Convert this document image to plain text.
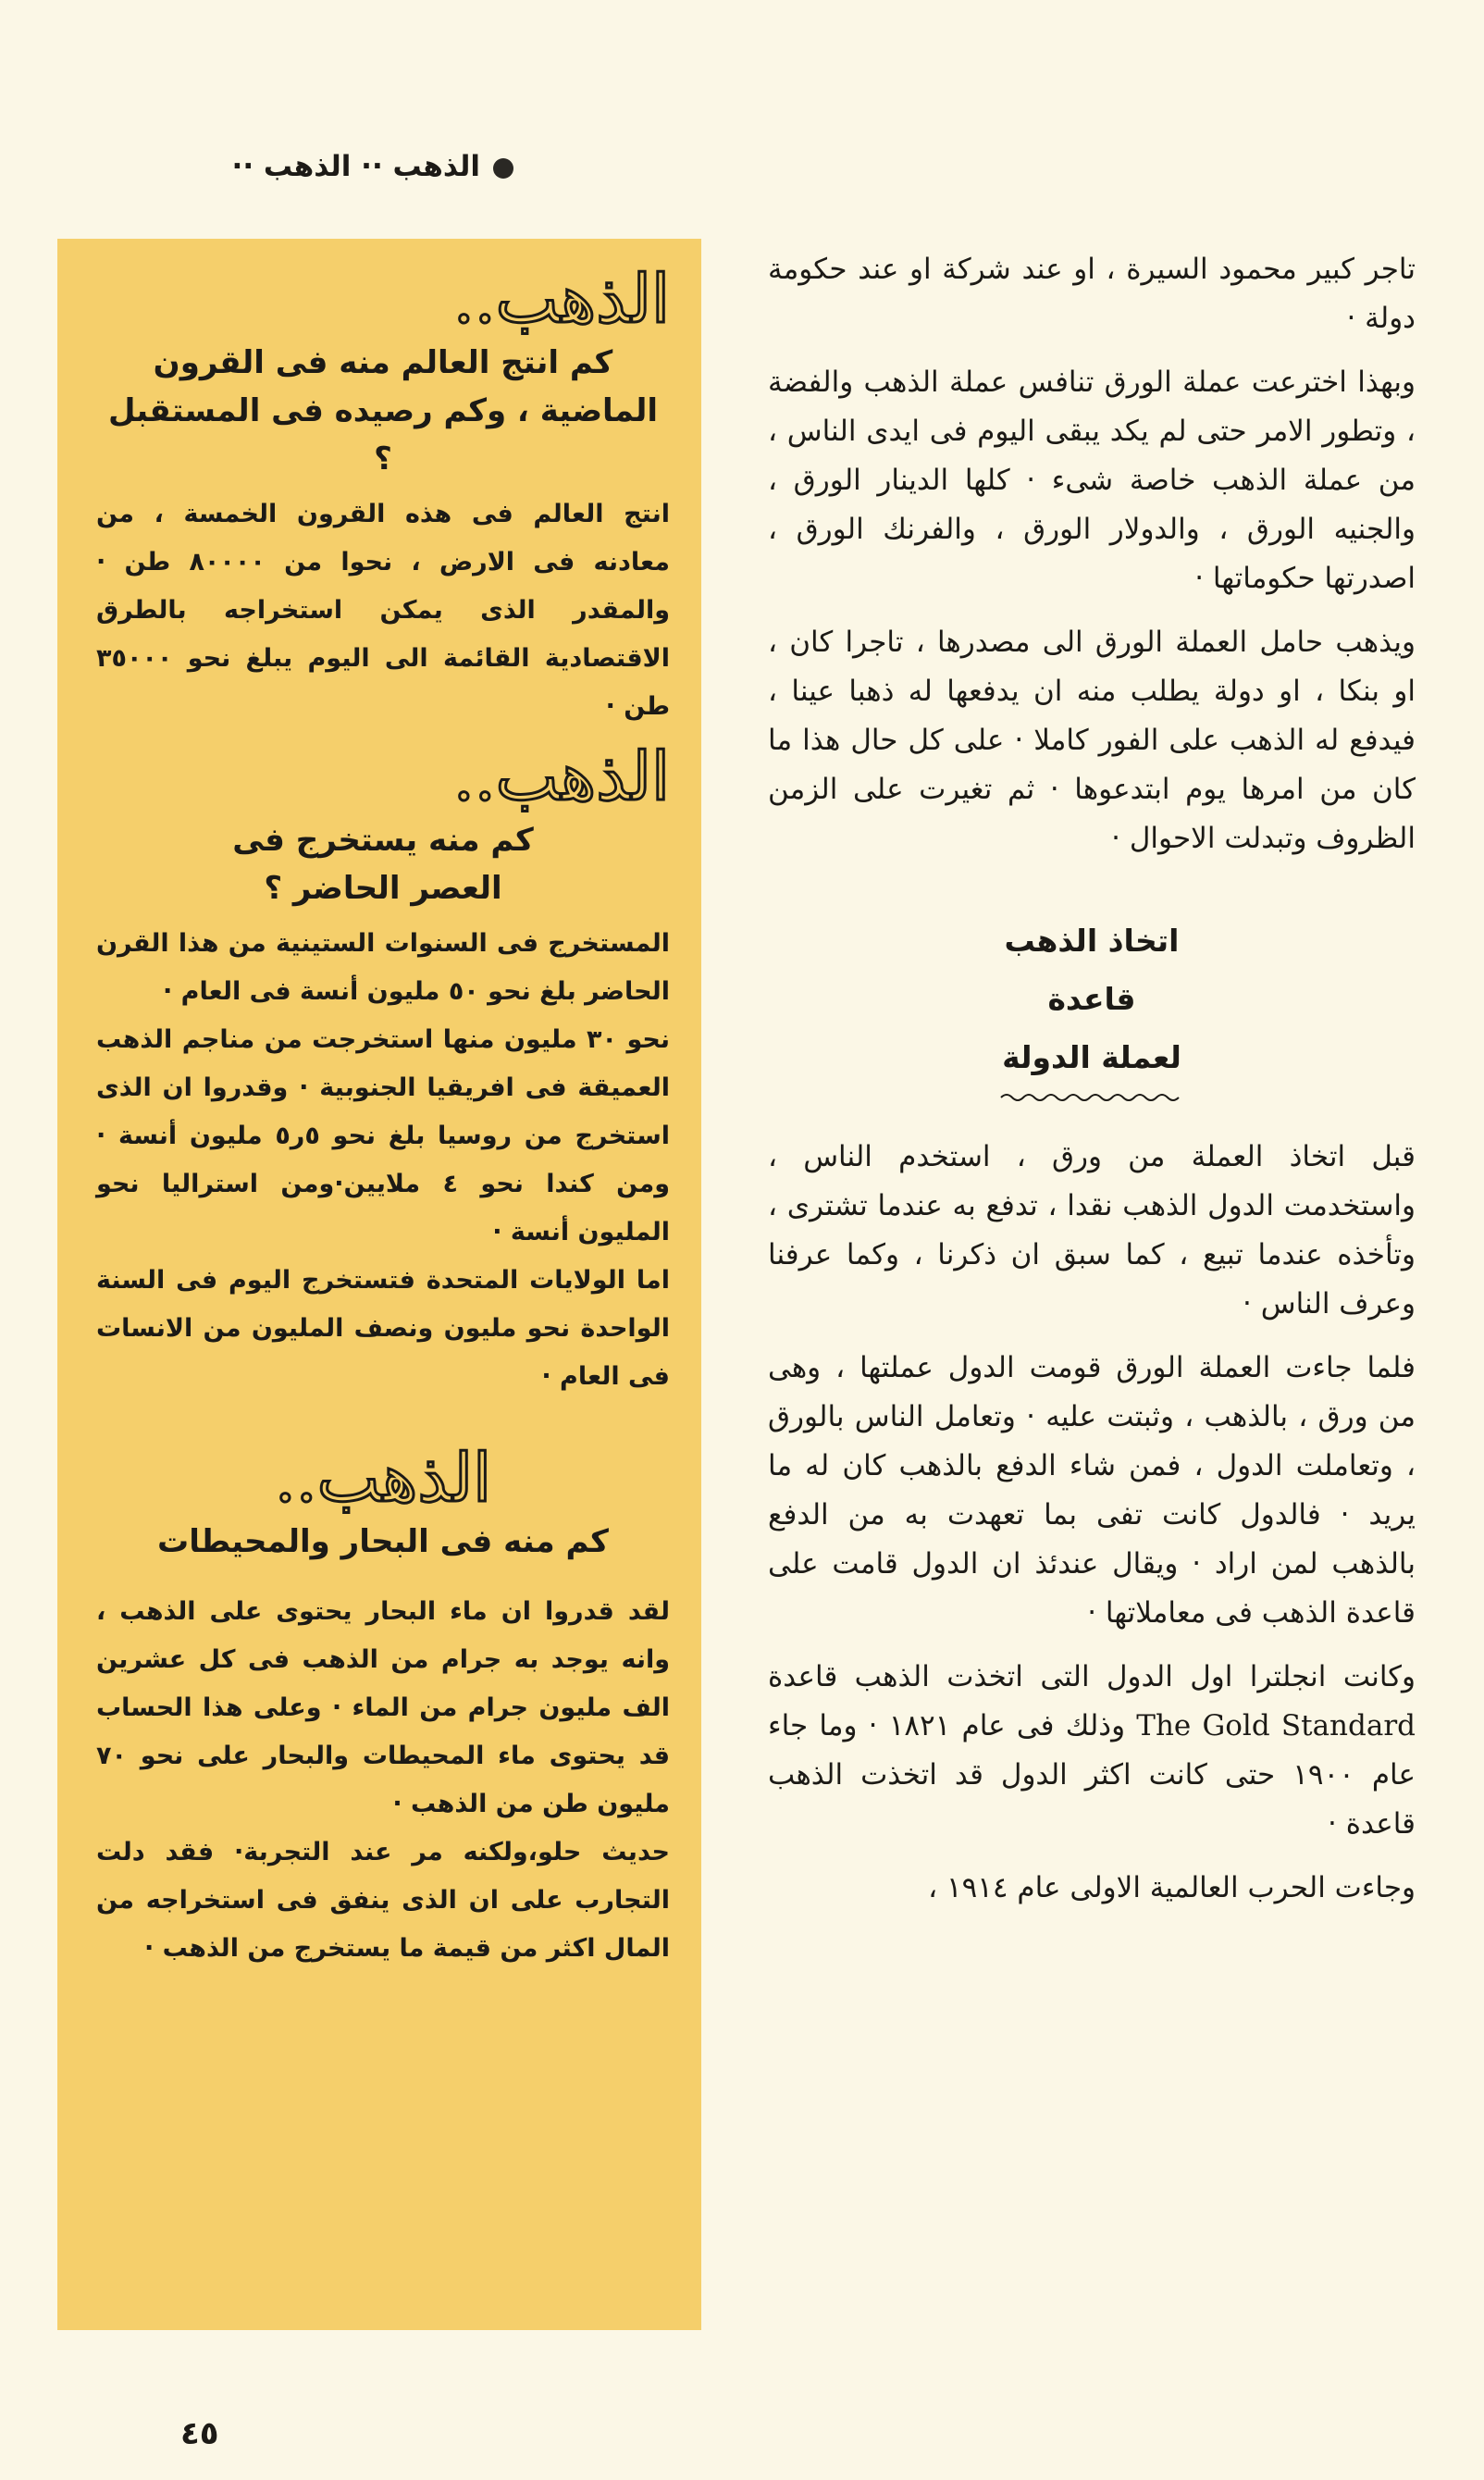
الذهب ·· الذهب ··
الذهب..

كم انتج العالم منه فى القرون الماضية ، وكم رصيده فى المستقبل ؟

انتج العالم فى هذه القرون الخمسة ، من معادنه فى الارض ، نحوا من ٨٠٠٠٠ طن · والمقدر الذى يمكن استخراجه بالطرق الاقتصادية القائمة الى اليوم يبلغ نحو ٣٥٠٠٠ طن ·

الذهب..

كم منه يستخرج فى العصر الحاضر ؟

المستخرج فى السنوات الستينية من هذا القرن الحاضر بلغ نحو ٥٠ مليون أنسة فى العام ·

نحو ٣٠ مليون منها استخرجت من مناجم الذهب العميقة فى افريقيا الجنوبية · وقدروا ان الذى استخرج من روسيا بلغ نحو ٥ر٥ مليون أنسة · ومن كندا نحو ٤ ملايين·ومن استراليا نحو المليون أنسة ·

اما الولايات المتحدة فتستخرج اليوم فى السنة الواحدة نحو مليون ونصف المليون من الانسات فى العام ·

الذهب..

كم منه فى البحار والمحيطات

لقد قدروا ان ماء البحار يحتوى على الذهب ، وانه يوجد به جرام من الذهب فى كل عشرين الف مليون جرام من الماء · وعلى هذا الحساب قد يحتوى ماء المحيطات والبحار على نحو ٧٠ مليون طن من الذهب ·

حديث حلو،ولكنه مر عند التجربة· فقد دلت التجارب على ان الذى ينفق فى استخراجه من المال اكثر من قيمة ما يستخرج من الذهب ·

تاجر كبير محمود السيرة ، او عند شركة او عند حكومة دولة ·

وبهذا اخترعت عملة الورق تنافس عملة الذهب والفضة ، وتطور الامر حتى لم يكد يبقى اليوم فى ايدى الناس ، من عملة الذهب خاصة شىء · كلها الدينار الورق ، والجنيه الورق ، والدولار الورق ، والفرنك الورق ، اصدرتها حكوماتها ·

ويذهب حامل العملة الورق الى مصدرها ، تاجرا كان ، او بنكا ، او دولة يطلب منه ان يدفعها له ذهبا عينا ، فيدفع له الذهب على الفور كاملا · على كل حال هذا ما كان من امرها يوم ابتدعوها · ثم تغيرت على الزمن الظروف وتبدلت الاحوال ·

اتخاذ الذهب
قاعدة
لعملة الدولة

قبل اتخاذ العملة من ورق ، استخدم الناس ، واستخدمت الدول الذهب نقدا ، تدفع به عندما تشترى ، وتأخذه عندما تبيع ، كما سبق ان ذكرنا ، وكما عرفنا وعرف الناس ·

فلما جاءت العملة الورق قومت الدول عملتها ، وهى من ورق ، بالذهب ، وثبتت عليه · وتعامل الناس بالورق ، وتعاملت الدول ، فمن شاء الدفع بالذهب كان له ما يريد · فالدول كانت تفى بما تعهدت به من الدفع بالذهب لمن اراد · ويقال عندئذ ان الدول قامت على قاعدة الذهب فى معاملاتها ·

وكانت انجلترا اول الدول التى اتخذت الذهب قاعدة The Gold Standard وذلك فى عام ١٨٢١ · وما جاء عام ١٩٠٠ حتى كانت اكثر الدول قد اتخذت الذهب قاعدة ·

وجاءت الحرب العالمية الاولى عام ١٩١٤ ،

٤٥
